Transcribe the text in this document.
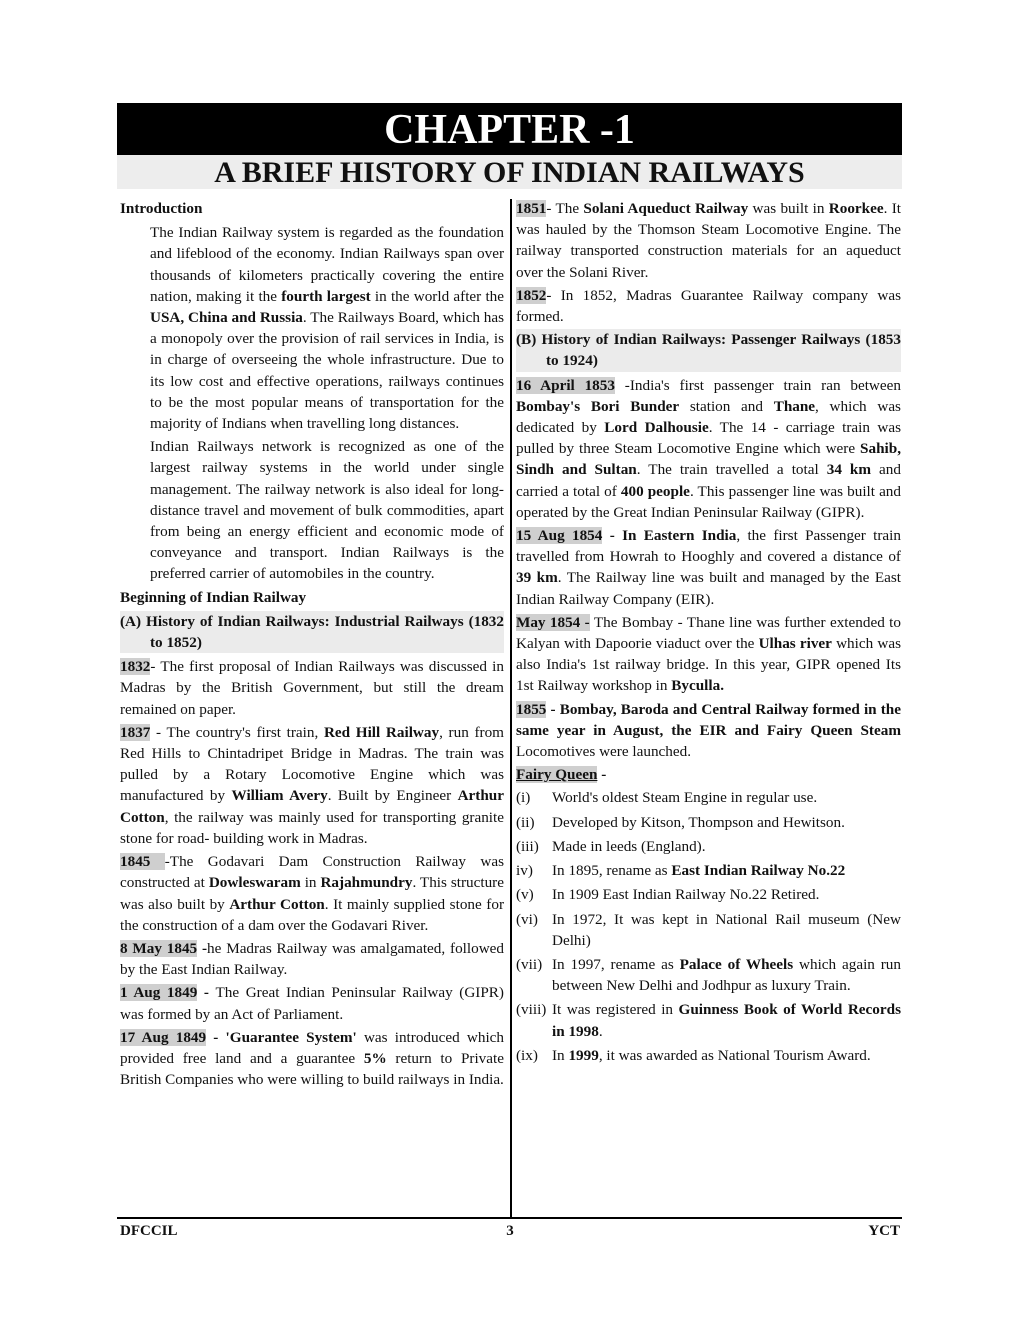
CHAPTER -1
A BRIEF HISTORY OF INDIAN RAILWAYS

Introduction

The Indian Railway system is regarded as the foundation and lifeblood of the economy. Indian Railways span over thousands of kilometers practically covering the entire nation, making it the fourth largest in the world after the USA, China and Russia. The Railways Board, which has a monopoly over the provision of rail services in India, is in charge of overseeing the whole infrastructure. Due to its low cost and effective operations, railways continues to be the most popular means of transportation for the majority of Indians when travelling long distances.

Indian Railways network is recognized as one of the largest railway systems in the world under single management. The railway network is also ideal for long-distance travel and movement of bulk commodities, apart from being an energy efficient and economic mode of conveyance and transport. Indian Railways is the preferred carrier of automobiles in the country.

Beginning of Indian Railway

(A) History of Indian Railways: Industrial Railways (1832 to 1852)

1832- The first proposal of Indian Railways was discussed in Madras by the British Government, but still the dream remained on paper.

1837 - The country's first train, Red Hill Railway, run from Red Hills to Chintadripet Bridge in Madras. The train was pulled by a Rotary Locomotive Engine which was manufactured by William Avery. Built by Engineer Arthur Cotton, the railway was mainly used for transporting granite stone for road- building work in Madras.

1845 -The Godavari Dam Construction Railway was constructed at Dowleswaram in Rajahmundry. This structure was also built by Arthur Cotton. It mainly supplied stone for the construction of a dam over the Godavari River.

8 May 1845 -he Madras Railway was amalgamated, followed by the East Indian Railway.

1 Aug 1849 - The Great Indian Peninsular Railway (GIPR) was formed by an Act of Parliament.

17 Aug 1849 - 'Guarantee System' was introduced which provided free land and a guarantee 5% return to Private British Companies who were willing to build railways in India.

1851- The Solani Aqueduct Railway was built in Roorkee. It was hauled by the Thomson Steam Locomotive Engine. The railway transported construction materials for an aqueduct over the Solani River.

1852- In 1852, Madras Guarantee Railway company was formed.

(B) History of Indian Railways: Passenger Railways (1853 to 1924)

16 April 1853 -India's first passenger train ran between Bombay's Bori Bunder station and Thane, which was dedicated by Lord Dalhousie. The 14 - carriage train was pulled by three Steam Locomotive Engine which were Sahib, Sindh and Sultan. The train travelled a total 34 km and carried a total of 400 people. This passenger line was built and operated by the Great Indian Peninsular Railway (GIPR).

15 Aug 1854 - In Eastern India, the first Passenger train travelled from Howrah to Hooghly and covered a distance of 39 km. The Railway line was built and managed by the East Indian Railway Company (EIR).

May 1854 - The Bombay - Thane line was further extended to Kalyan with Dapoorie viaduct over the Ulhas river which was also India's 1st railway bridge. In this year, GIPR opened Its 1st Railway workshop in Byculla.

1855 - Bombay, Baroda and Central Railway formed in the same year in August, the EIR and Fairy Queen Steam Locomotives were launched.

Fairy Queen -

(i)	World's oldest Steam Engine in regular use.
(ii)	Developed by Kitson, Thompson and Hewitson.
(iii) Made in leeds (England).
iv)	In 1895, rename as East Indian Railway No.22
(v)	In 1909 East Indian Railway No.22 Retired.
(vi) In 1972, It was kept in National Rail museum (New Delhi)
(vii) In 1997, rename as Palace of Wheels which again run between New Delhi and Jodhpur as luxury Train.
(viii) It was registered in Guinness Book of World Records in 1998.
(ix) In 1999, it was awarded as National Tourism Award.
DFCCIL	3	YCT
